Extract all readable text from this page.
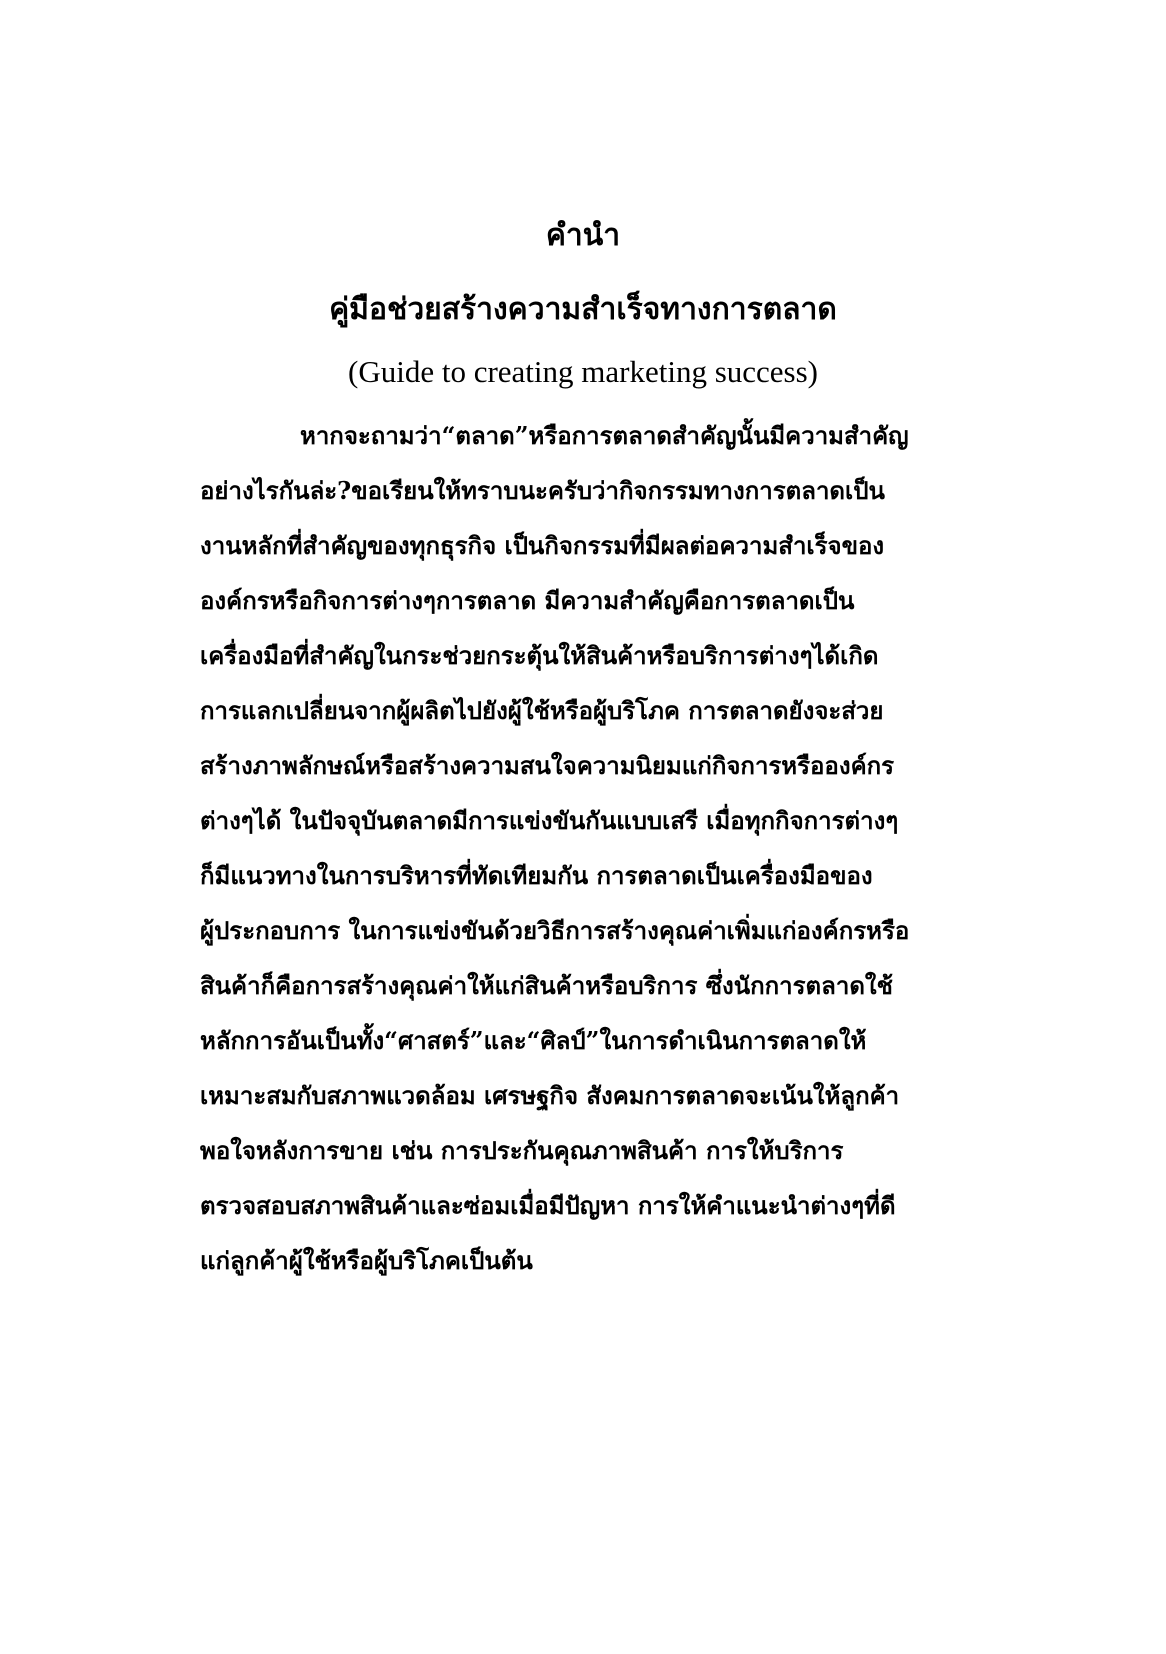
คำนำ
คู่มือช่วยสร้างความสำเร็จทางการตลาด
(Guide to creating marketing success)
หากจะถามว่า“ตลาด”หรือการตลาดสำคัญนั้นมีความสำคัญ
อย่างไรกันล่ะ?ขอเรียนให้ทราบนะครับว่ากิจกรรมทางการตลาดเป็น
งานหลักที่สำคัญของทุกธุรกิจ เป็นกิจกรรมที่มีผลต่อความสำเร็จของ
องค์กรหรือกิจการต่างๆการตลาด มีความสำคัญคือการตลาดเป็น
เครื่องมือที่สำคัญในกระช่วยกระตุ้นให้สินค้าหรือบริการต่างๆได้เกิด
การแลกเปลี่ยนจากผู้ผลิตไปยังผู้ใช้หรือผู้บริโภค การตลาดยังจะส่วย
สร้างภาพลักษณ์หรือสร้างความสนใจความนิยมแก่กิจการหรือองค์กร
ต่างๆได้ ในปัจจุบันตลาดมีการแข่งขันกันแบบเสรี เมื่อทุกกิจการต่างๆ
ก็มีแนวทางในการบริหารที่ทัดเทียมกัน การตลาดเป็นเครื่องมือของ
ผู้ประกอบการ ในการแข่งขันด้วยวิธีการสร้างคุณค่าเพิ่มแก่องค์กรหรือ
สินค้าก็คือการสร้างคุณค่าให้แก่สินค้าหรือบริการ ซึ่งนักการตลาดใช้
หลักการอันเป็นทั้ง“ศาสตร์”และ“ศิลป์”ในการดำเนินการตลาดให้
เหมาะสมกับสภาพแวดล้อม เศรษฐกิจ สังคมการตลาดจะเน้นให้ลูกค้า
พอใจหลังการขาย เช่น การประกันคุณภาพสินค้า การให้บริการ
ตรวจสอบสภาพสินค้าและซ่อมเมื่อมีปัญหา การให้คำแนะนำต่างๆที่ดี
แก่ลูกค้าผู้ใช้หรือผู้บริโภคเป็นต้น
